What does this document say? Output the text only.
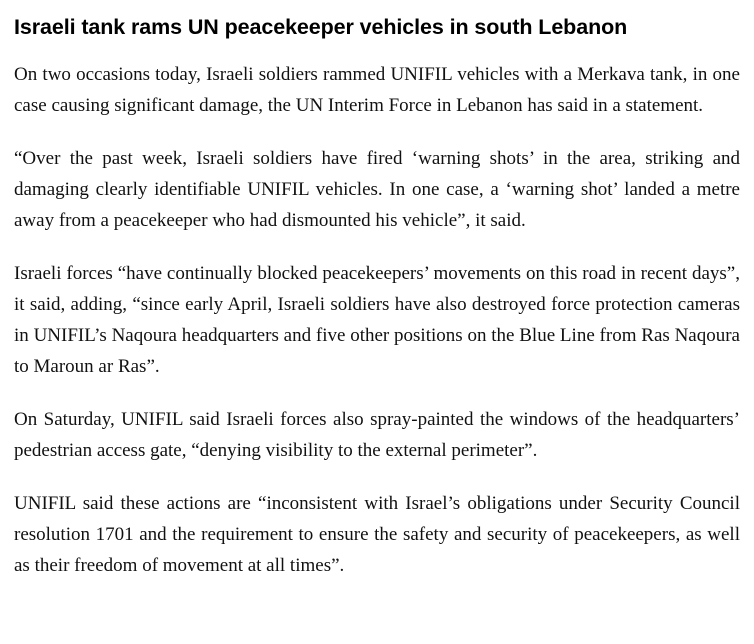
Israeli tank rams UN peacekeeper vehicles in south Lebanon

On two occasions today, Israeli soldiers rammed UNIFIL vehicles with a Merkava tank, in one case causing significant damage, the UN Interim Force in Lebanon has said in a statement.

“Over the past week, Israeli soldiers have fired ‘warning shots’ in the area, striking and damaging clearly identifiable UNIFIL vehicles. In one case, a ‘warning shot’ landed a metre away from a peacekeeper who had dismounted his vehicle”, it said.

Israeli forces “have continually blocked peacekeepers’ movements on this road in recent days”, it said, adding, “since early April, Israeli soldiers have also destroyed force protection cameras in UNIFIL’s Naqoura headquarters and five other positions on the Blue Line from Ras Naqoura to Maroun ar Ras”.

On Saturday, UNIFIL said Israeli forces also spray-painted the windows of the headquarters’ pedestrian access gate, “denying visibility to the external perimeter”.

UNIFIL said these actions are “inconsistent with Israel’s obligations under Security Council resolution 1701 and the requirement to ensure the safety and security of peacekeepers, as well as their freedom of movement at all times”.
